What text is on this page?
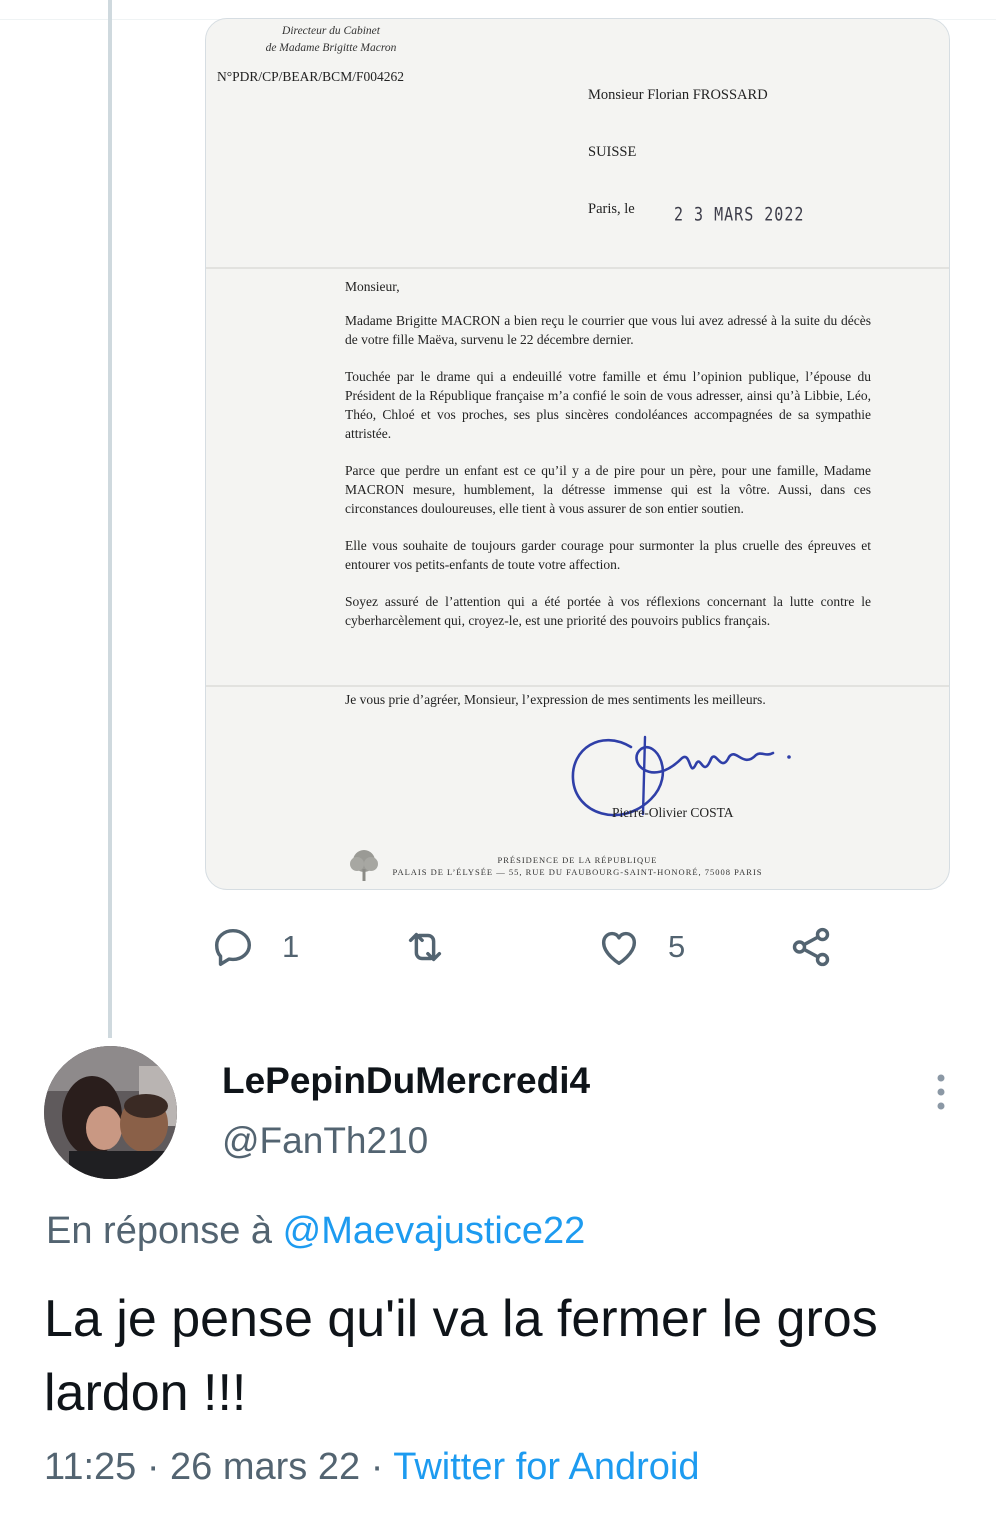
Directeur du Cabinet
de Madame Brigitte Macron
N°PDR/CP/BEAR/BCM/F004262
Monsieur Florian FROSSARD
SUISSE
Paris, le	2 3 MARS 2022

Monsieur,

Madame Brigitte MACRON a bien reçu le courrier que vous lui avez adressé à la suite du décès de votre fille Maëva, survenu le 22 décembre dernier.

Touchée par le drame qui a endeuillé votre famille et ému l’opinion publique, l’épouse du Président de la République française m’a confié le soin de vous adresser, ainsi qu’à Libbie, Léo, Théo, Chloé et vos proches, ses plus sincères condoléances accompagnées de sa sympathie attristée.

Parce que perdre un enfant est ce qu’il y a de pire pour un père, pour une famille, Madame MACRON mesure, humblement, la détresse immense qui est la vôtre. Aussi, dans ces circonstances douloureuses, elle tient à vous assurer de son entier soutien.

Elle vous souhaite de toujours garder courage pour surmonter la plus cruelle des épreuves et entourer vos petits-enfants de toute votre affection.

Soyez assuré de l’attention qui a été portée à vos réflexions concernant la lutte contre le cyberharcèlement qui, croyez-le, est une priorité des pouvoirs publics français.

Je vous prie d’agréer, Monsieur, l’expression de mes sentiments les meilleurs.
Pierre-Olivier COSTA
PRÉSIDENCE DE LA RÉPUBLIQUE
PALAIS DE L’ÉLYSÉE — 55, RUE DU FAUBOURG-SAINT-HONORÉ, 75008 PARIS
1	5
LePepinDuMercredi4
@FanTh210
En réponse à @Maevajustice22
La je pense qu'il va la fermer le gros lardon !!!
11:25 · 26 mars 22 · Twitter for Android
